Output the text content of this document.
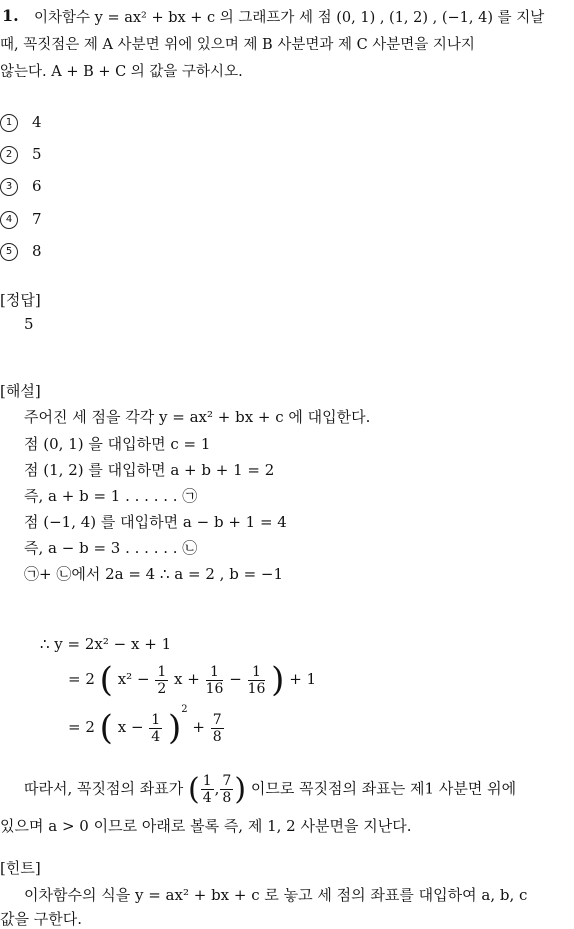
1. 이차함수 y = ax² + bx + c 의 그래프가 세 점 (0, 1) , (1, 2) , (−1, 4) 를 지날
때, 꼭짓점은 제 A 사분면 위에 있으며 제 B 사분면과 제 C 사분면을 지나지
않는다. A + B + C 의 값을 구하시오.
1 4
2 5
3 6
4 7
5 8
[정답]
5
[해설]
주어진 세 점을 각각 y = ax² + bx + c 에 대입한다.
점 (0, 1) 을 대입하면 c = 1
점 (1, 2) 를 대입하면 a + b + 1 = 2
즉, a + b = 1 . . . . . . ㉠
점 (−1, 4) 를 대입하면 a − b + 1 = 4
즉, a − b = 3 . . . . . . ㉡
㉠+ ㉡에서 2a = 4 ∴ a = 2 , b = −1
∴ y = 2x² − x + 1
= 2 ( $x^2 - \frac{1}{2}$ $x + \frac{1}{16} - \frac{1}{16}$ ) + 1
= 2 ( $x - \frac{1}{4} )^2 + \frac{7}{8}$
따라서, 꼭짓점의 좌표가 ( $\frac{1}{4}$ , $\frac{7}{8}$ ) 이므로 꼭짓점의 좌표는 제1 사분면 위에
있으며 a > 0 이므로 아래로 볼록 즉, 제 1, 2 사분면을 지난다.
[힌트]
이차함수의 식을 y = ax² + bx + c 로 놓고 세 점의 좌표를 대입하여 a, b, c
값을 구한다.
